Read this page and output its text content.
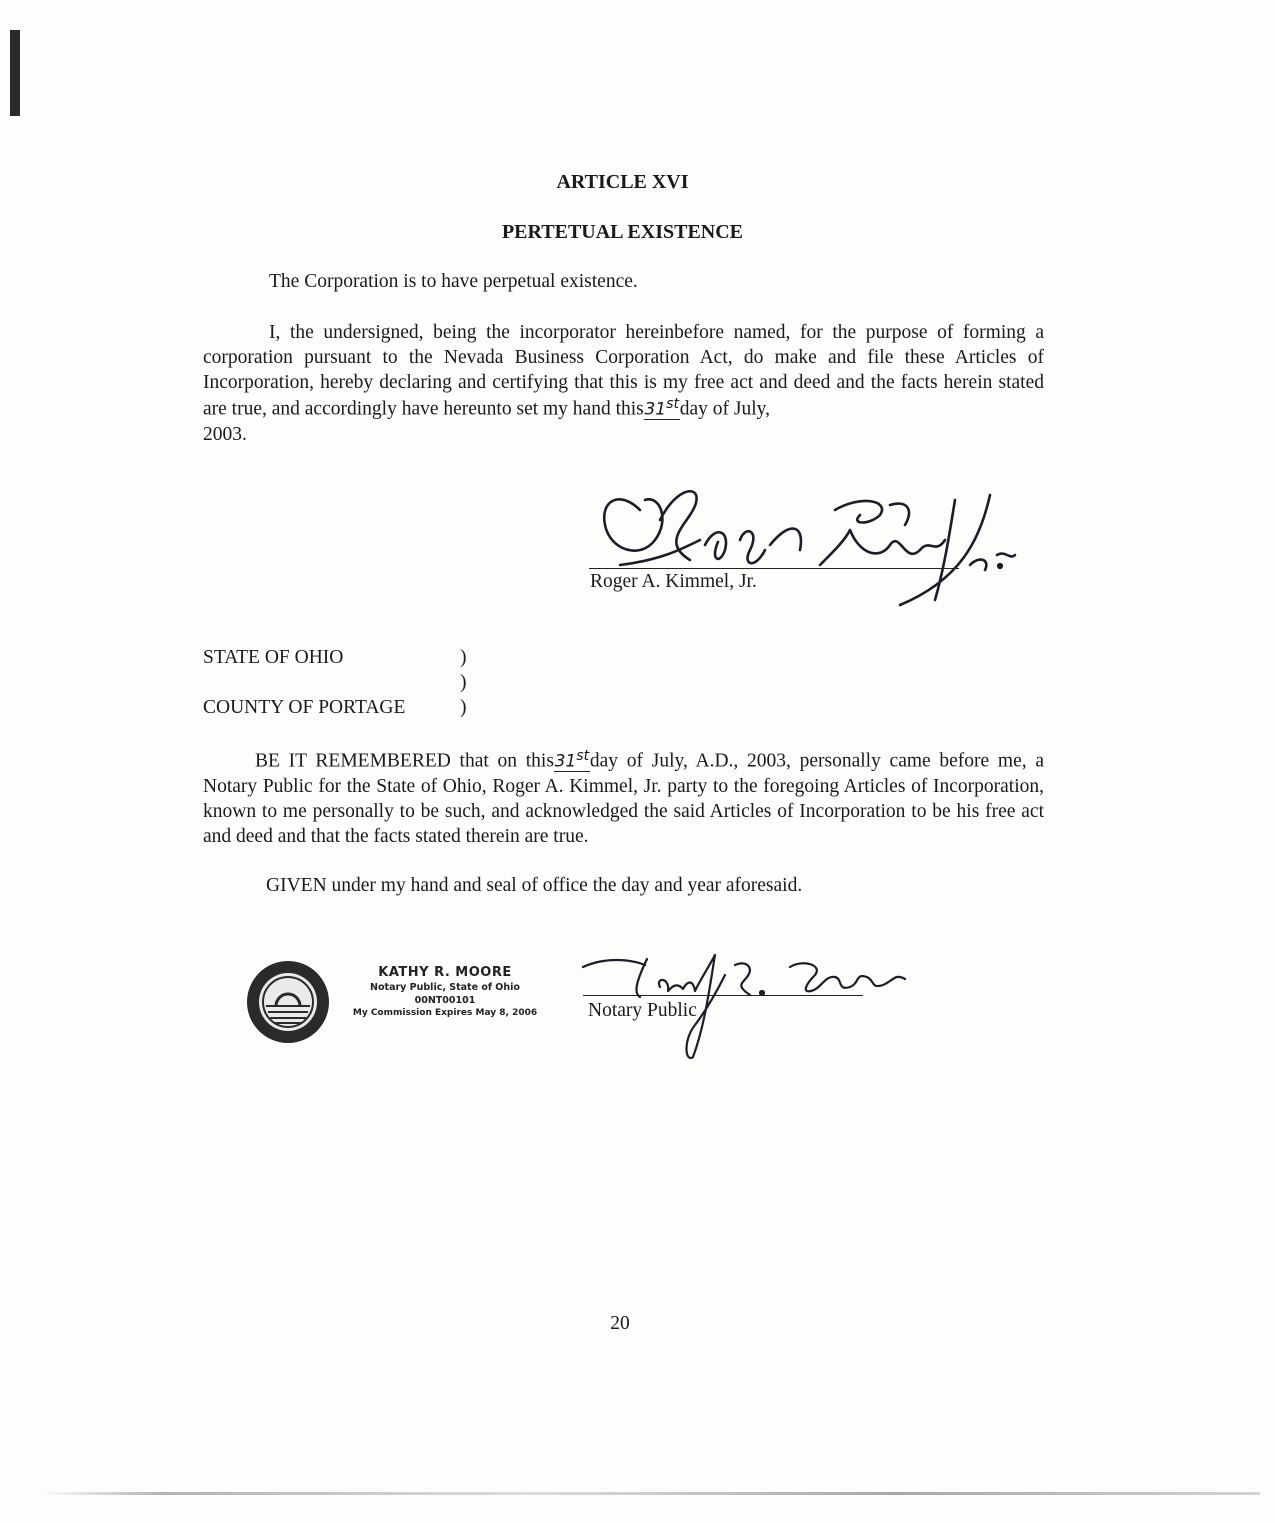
ARTICLE XVI
PERTETUAL EXISTENCE
The Corporation is to have perpetual existence.
I, the undersigned, being the incorporator hereinbefore named, for the purpose of forming a corporation pursuant to the Nevada Business Corporation Act, do make and file these Articles of Incorporation, hereby declaring and certifying that this is my free act and deed and the facts herein stated are true, and accordingly have hereunto set my hand this31stday of July,
2003.
Roger A. Kimmel, Jr.
STATE OF OHIO	)
)
COUNTY OF PORTAGE	)
BE IT REMEMBERED that on this31stday of July, A.D., 2003, personally came before me, a Notary Public for the State of Ohio, Roger A. Kimmel, Jr. party to the foregoing Articles of Incorporation, known to me personally to be such, and acknowledged the said Articles of Incorporation to be his free act and deed and that the facts stated therein are true.
GIVEN under my hand and seal of office the day and year aforesaid.
KATHY R. MOORE
Notary Public, State of Ohio
00NT00101
My Commission Expires May 8, 2006	Notary Public
20
